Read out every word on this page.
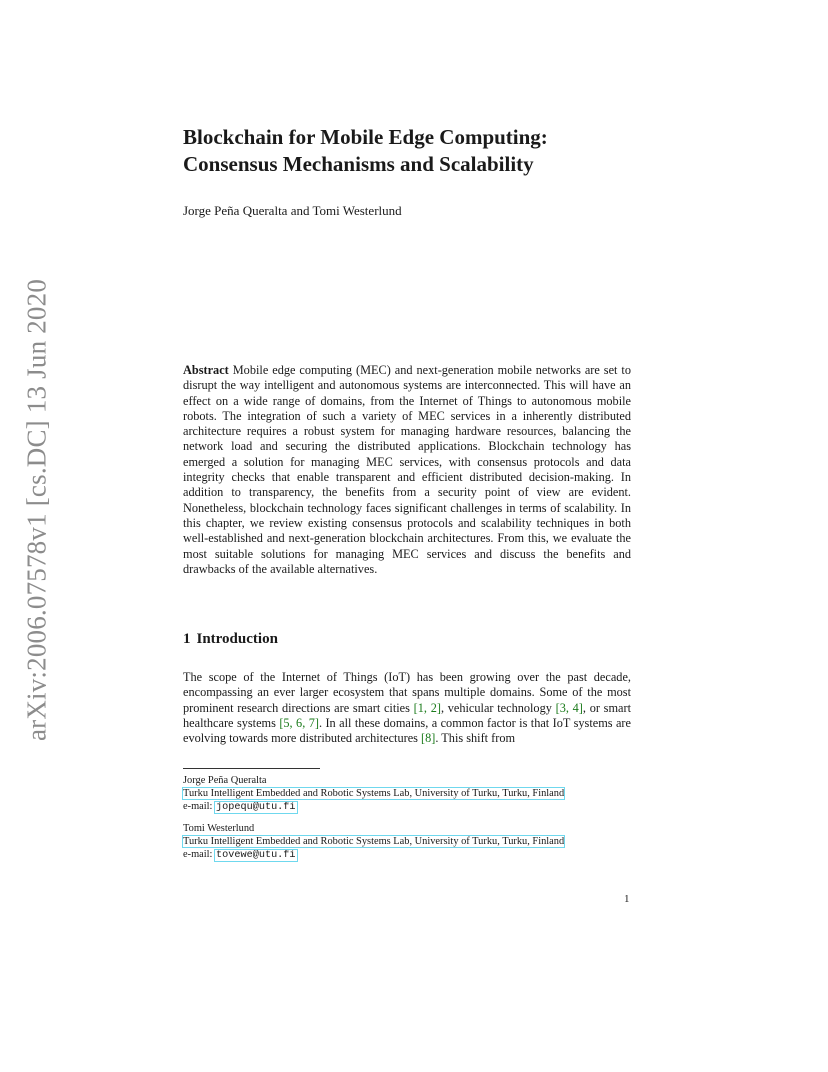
arXiv:2006.07578v1 [cs.DC] 13 Jun 2020
Blockchain for Mobile Edge Computing:
Consensus Mechanisms and Scalability

Jorge Peña Queralta and Tomi Westerlund

Abstract Mobile edge computing (MEC) and next-generation mobile networks are set to disrupt the way intelligent and autonomous systems are interconnected. This will have an effect on a wide range of domains, from the Internet of Things to autonomous mobile robots. The integration of such a variety of MEC services in a inherently distributed architecture requires a robust system for managing hardware resources, balancing the network load and securing the distributed applications. Blockchain technology has emerged a solution for managing MEC services, with consensus protocols and data integrity checks that enable transparent and efficient distributed decision-making. In addition to transparency, the benefits from a security point of view are evident. Nonetheless, blockchain technology faces significant challenges in terms of scalability. In this chapter, we review existing consensus protocols and scalability techniques in both well-established and next-generation blockchain architectures. From this, we evaluate the most suitable solutions for managing MEC services and discuss the benefits and drawbacks of the available alternatives.

1 Introduction

The scope of the Internet of Things (IoT) has been growing over the past decade, encompassing an ever larger ecosystem that spans multiple domains. Some of the most prominent research directions are smart cities [1, 2], vehicular technology [3, 4], or smart healthcare systems [5, 6, 7]. In all these domains, a common factor is that IoT systems are evolving towards more distributed architectures [8]. This shift from

Jorge Peña Queralta
Turku Intelligent Embedded and Robotic Systems Lab, University of Turku, Turku, Finland
e-mail: jopequ@utu.fi
Tomi Westerlund
Turku Intelligent Embedded and Robotic Systems Lab, University of Turku, Turku, Finland
e-mail: tovewe@utu.fi
1
